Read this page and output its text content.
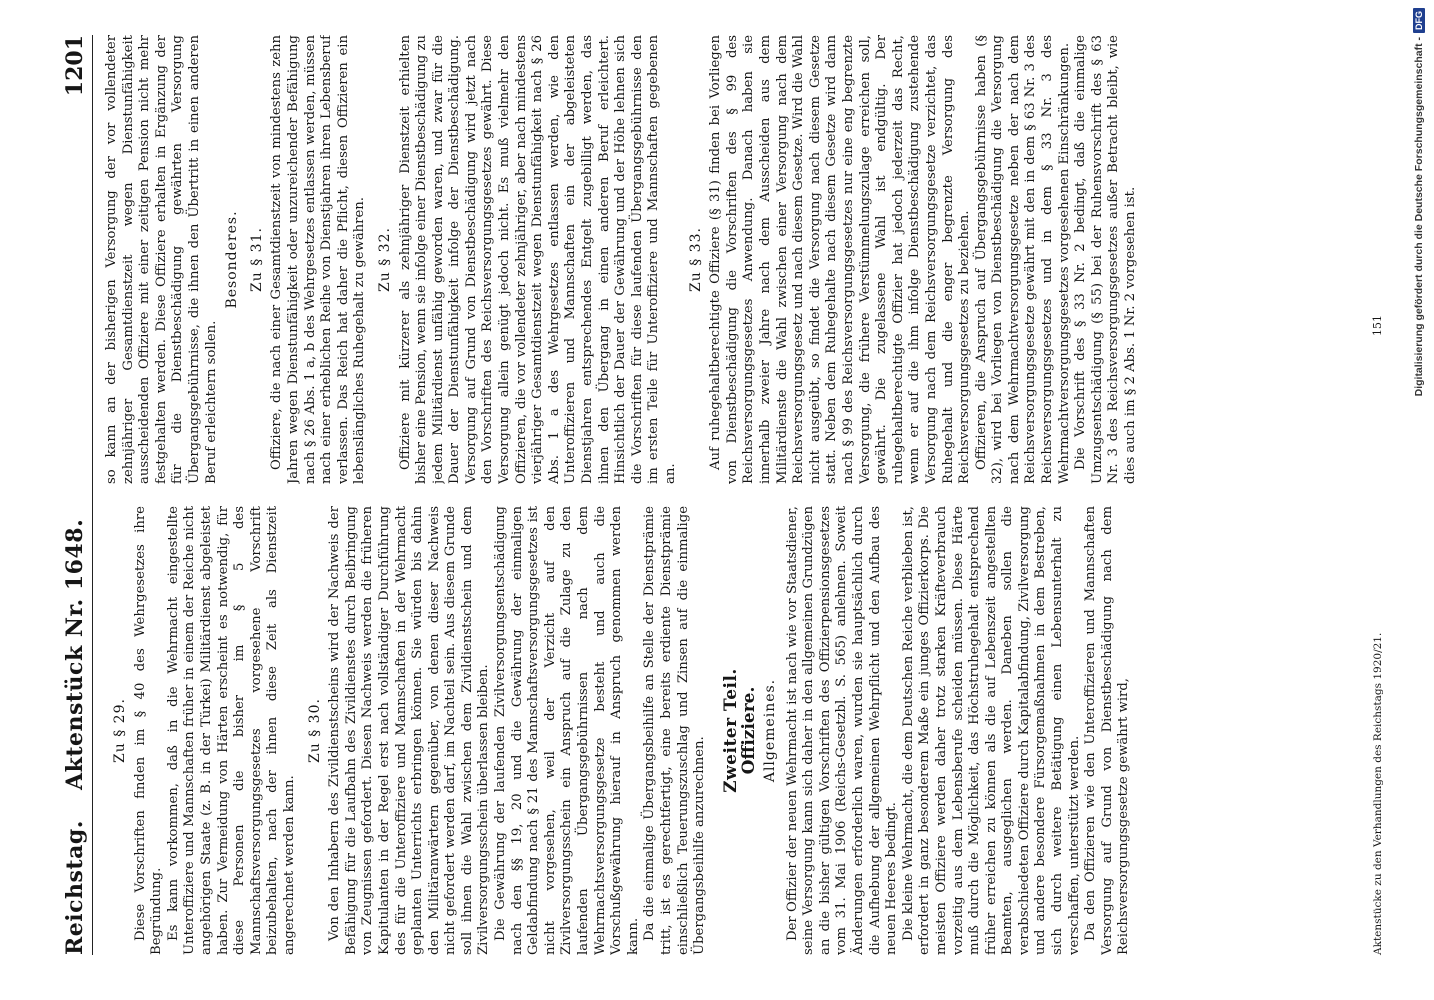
Reichstag. Aktenstück Nr. 1648.
1201
Zu § 29. Diese Vorschriften finden im § 40 des Wehrgesetzes ihre Begründung. Es kann vorkommen, daß in die Wehrmacht eingestellte Unteroffiziere und Mannschaften früher in einem der Reiche nicht angehörigen Staate (z. B. in der Türkei) Militärdienst abgeleistet haben. Zur Vermeidung von Härten erscheint es notwendig, für diese Personen die bisher im § 5 des Mannschaftsversorgungsgesetzes vorgesehene Vorschrift beizubehalten, nach der ihnen diese Zeit als Dienstzeit angerechnet werden kann.

Zu § 30. Von den Inhabern des Zivildienstscheins wird der Nachweis der Befähigung für die Laufbahn des Zivildienstes durch Beibringung von Zeugnissen gefordert. Diesen Nachweis werden die früheren Kapitulanten in der Regel erst nach vollständiger Durchführung des für die Unteroffiziere und Mannschaften in der Wehrmacht geplanten Unterrichts erbringen können. Sie würden bis dahin den Militäranwärtern gegenüber, von denen dieser Nachweis nicht gefordert werden darf, im Nachteil sein. Aus diesem Grunde soll ihnen die Wahl zwischen dem Zivildienstschein und dem Zivilversorgungsschein überlassen bleiben. Die Gewährung der laufenden Zivilversorgungsentschädigung nach den §§ 19, 20 und die Gewährung der einmaligen Geldabfindung nach § 21 des Mannschaftsversorgungsgesetzes ist nicht vorgesehen, weil der Verzicht auf den Zivilversorgungsschein ein Anspruch auf die Zulage zu den laufenden Übergangsgebührnissen nach dem Wehrmachtsversorgungsgesetze besteht und auch die Vorschußgewährung hierauf in Anspruch genommen werden kann. Da die einmalige Übergangsbeihilfe an Stelle der Dienstprämie tritt, ist es gerechtfertigt, eine bereits erdiente Dienstprämie einschließlich Teuerungszuschlag und Zinsen auf die einmalige Übergangsbeihilfe anzurechnen.

Zweiter Teil.
Offiziere. Allgemeines. Der Offizier der neuen Wehrmacht ist nach wie vor Staatsdiener, seine Versorgung kann sich daher in den allgemeinen Grundzügen an die bisher gültigen Vorschriften des Offizierpensionsgesetzes vom 31. Mai 1906 (Reichs-Gesetzbl. S. 565) anlehnen. Soweit Änderungen erforderlich waren, wurden sie hauptsächlich durch die Aufhebung der allgemeinen Wehrpflicht und den Aufbau des neuen Heeres bedingt. Die kleine Wehrmacht, die dem Deutschen Reiche verblieben ist, erfordert in ganz besonderem Maße ein junges Offizierkorps. Die meisten Offiziere werden daher trotz starken Kräfteverbrauch vorzeitig aus dem Lebensberufe scheiden müssen. Diese Härte muß durch die Möglichkeit, das Höchstruhegehalt entsprechend früher erreichen zu können als die auf Lebenszeit angestellten Beamten, ausgeglichen werden. Daneben sollen die verabschiedeten Offiziere durch Kapitalabfindung, Zivilversorgung und andere besondere Fürsorgemaßnahmen in dem Bestreben, sich durch weitere Betätigung einen Lebensunterhalt zu verschaffen, unterstützt werden. Da den Offizieren wie den Unteroffizieren und Mannschaften Versorgung auf Grund von Dienstbeschädigung nach dem Reichsversorgungsgesetze gewährt wird,

so kann an der bisherigen Versorgung der vor vollendeter zehnjähriger Gesamtdienstzeit wegen Dienstunfähigkeit ausscheidenden Offiziere mit einer zeitigen Pension nicht mehr festgehalten werden. Diese Offiziere erhalten in Ergänzung der für die Dienstbeschädigung gewährten Versorgung Übergangsgebührnisse, die ihnen den Übertritt in einen anderen Beruf erleichtern sollen.

Besonderes. Zu § 31. Offiziere, die nach einer Gesamtdienstzeit von mindestens zehn Jahren wegen Dienstunfähigkeit oder unzureichender Befähigung nach § 26 Abs. 1 a, b des Wehrgesetzes entlassen werden, müssen nach einer erheblichen Reihe von Dienstjahren ihren Lebensberuf verlassen. Das Reich hat daher die Pflicht, diesen Offizieren ein lebenslängliches Ruhegehalt zu gewähren. Zu § 32. Offiziere mit kürzerer als zehnjähriger Dienstzeit erhielten bisher eine Pension, wenn sie infolge einer Dienstbeschädigung zu jedem Militärdienst unfähig geworden waren, und zwar für die Dauer der Dienstunfähigkeit infolge der Dienstbeschädigung. Versorgung auf Grund von Dienstbeschädigung wird jetzt nach den Vorschriften des Reichsversorgungsgesetzes gewährt. Diese Versorgung allein genügt jedoch nicht. Es muß vielmehr den Offizieren, die vor vollendeter zehnjähriger, aber nach mindestens vierjähriger Gesamtdienstzeit wegen Dienstunfähigkeit nach § 26 Abs. 1 a des Wehrgesetzes entlassen werden, wie den Unteroffizieren und Mannschaften ein der abgeleisteten Dienstjahren entsprechendes Entgelt zugebilligt werden, das ihnen den Übergang in einen anderen Beruf erleichtert. Hinsichtlich der Dauer der Gewährung und der Höhe lehnen sich die Vorschriften für diese laufenden Übergangsgebührnisse den im ersten Teile für Unteroffiziere und Mannschaften gegebenen an.

Zu § 33. Auf ruhegehaltberechtigte Offiziere (§ 31) finden bei Vorliegen von Dienstbeschädigung die Vorschriften des § 99 des Reichsversorgungsgesetzes Anwendung. Danach haben sie innerhalb zweier Jahre nach dem Ausscheiden aus dem Militärdienste die Wahl zwischen einer Versorgung nach dem Reichsversorgungsgesetz und nach diesem Gesetze. Wird die Wahl nicht ausgeübt, so findet die Versorgung nach diesem Gesetze statt. Neben dem Ruhegehalte nach diesem Gesetze wird dann nach § 99 des Reichsversorgungsgesetzes nur eine eng begrenzte Versorgung, die frühere Verstümmelungszulage erreichen soll, gewährt. Die zugelassene Wahl ist endgültig. Der ruhegehaltberechtigte Offizier hat jedoch jederzeit das Recht, wenn er auf die ihm infolge Dienstbeschädigung zustehende Versorgung nach dem Reichsversorgungsgesetze verzichtet, das Ruhegehalt und die enger begrenzte Versorgung des Reichsversorgungsgesetzes zu beziehen. Offizieren, die Anspruch auf Übergangsgebührnisse haben (§ 32), wird bei Vorliegen von Dienstbeschädigung die Versorgung nach dem Wehrmachtversorgungsgesetze neben der nach dem Reichsversorgungsgesetze gewährt mit den in dem § 63 Nr. 3 des Reichsversorgungsgesetzes und in dem § 33 Nr. 3 des Wehrmachtversorgungsgesetzes vorgesehenen Einschränkungen. Die Vorschrift des § 33 Nr. 2 bedingt, daß die einmalige Umzugsentschädigung (§ 55) bei der Ruhensvorschrift des § 63 Nr. 3 des Reichsversorgungsgesetzes außer Betracht bleibt, wie dies auch im § 2 Abs. 1 Nr. 2 vorgesehen ist.

Aktenstücke zu den Verhandlungen des Reichstags 1920/21.
151	Digitalisierung gefördert durch die Deutsche Forschungsgemeinschaft -
DFG
